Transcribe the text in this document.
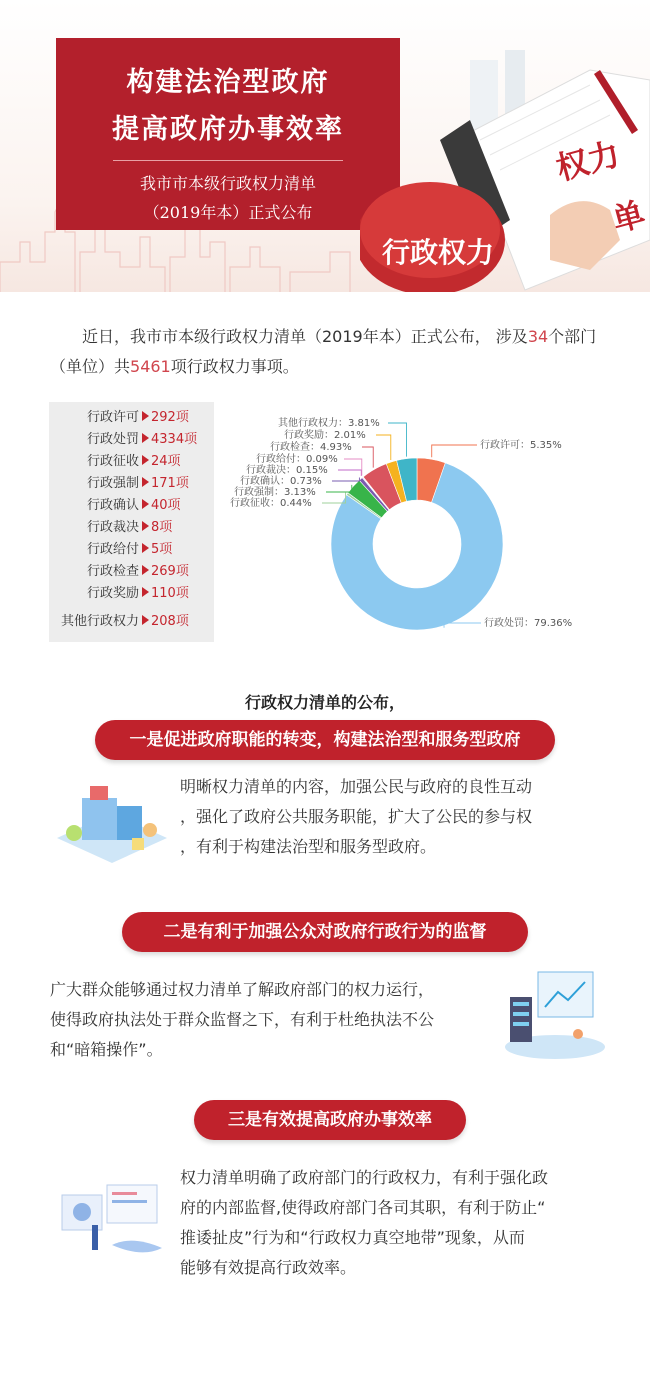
构建法治型政府
提高政府办事效率
我市市本级行政权力清单
（2019年本）正式公布
权力
行政权力
近日，我市市本级行政权力清单（2019年本）正式公布， 涉及34个部门（单位）共5461项行政权力事项。
行政许可 292项
行政处罚 4334项
行政征收 24项
行政强制 171项
行政确认 40项
行政裁决 8项
行政给付 5项
行政检查 269项
行政奖励 110项
其他行政权力 208项
行政许可：5.35%
行政处罚：79.36%
行政征收：0.44%
行政强制：3.13%
行政确认：0.73%
行政裁决：0.15%
行政给付：0.09%
行政检查：4.93%
行政奖励：2.01%
其他行政权力：3.81%
行政权力清单的公布，
一是促进政府职能的转变，构建法治型和服务型政府
明晰权力清单的内容，加强公民与政府的良性互动
，强化了政府公共服务职能，扩大了公民的参与权
，有利于构建法治型和服务型政府。
二是有利于加强公众对政府行政行为的监督
广大群众能够通过权力清单了解政府部门的权力运行，
使得政府执法处于群众监督之下，有利于杜绝执法不公
和“暗箱操作”。
三是有效提高政府办事效率
权力清单明确了政府部门的行政权力，有利于强化政
府的内部监督,使得政府部门各司其职，有利于防止“
推诿扯皮”行为和“行政权力真空地带”现象，从而
能够有效提高行政效率。
